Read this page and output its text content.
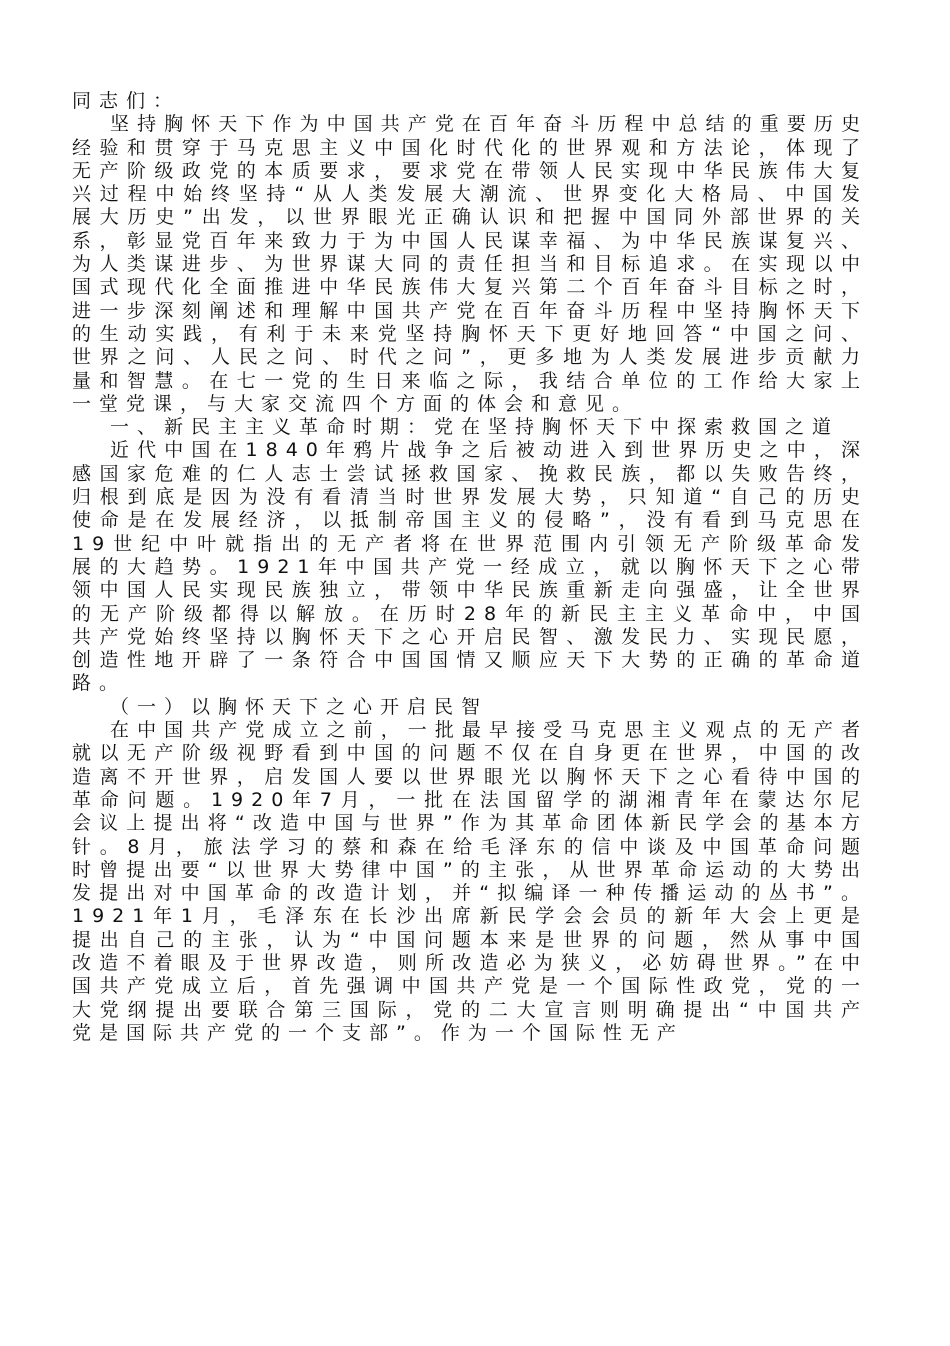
同志们：

坚持胸怀天下作为中国共产党在百年奋斗历程中总结的重要历史经验和贯穿于马克思主义中国化时代化的世界观和方法论，体现了无产阶级政党的本质要求，要求党在带领人民实现中华民族伟大复兴过程中始终坚持“从人类发展大潮流、世界变化大格局、中国发展大历史”出发，以世界眼光正确认识和把握中国同外部世界的关系，彰显党百年来致力于为中国人民谋幸福、为中华民族谋复兴、为人类谋进步、为世界谋大同的责任担当和目标追求。在实现以中国式现代化全面推进中华民族伟大复兴第二个百年奋斗目标之时，进一步深刻阐述和理解中国共产党在百年奋斗历程中坚持胸怀天下的生动实践，有利于未来党坚持胸怀天下更好地回答“中国之问、世界之问、人民之问、时代之问”，更多地为人类发展进步贡献力量和智慧。在七一党的生日来临之际，我结合单位的工作给大家上一堂党课，与大家交流四个方面的体会和意见。

一、新民主主义革命时期：党在坚持胸怀天下中探索救国之道

近代中国在1840年鸦片战争之后被动进入到世界历史之中，深感国家危难的仁人志士尝试拯救国家、挽救民族，都以失败告终，归根到底是因为没有看清当时世界发展大势，只知道“自己的历史使命是在发展经济，以抵制帝国主义的侵略”，没有看到马克思在19世纪中叶就指出的无产者将在世界范围内引领无产阶级革命发展的大趋势。1921年中国共产党一经成立，就以胸怀天下之心带领中国人民实现民族独立，带领中华民族重新走向强盛，让全世界的无产阶级都得以解放。在历时28年的新民主主义革命中，中国共产党始终坚持以胸怀天下之心开启民智、激发民力、实现民愿，创造性地开辟了一条符合中国国情又顺应天下大势的正确的革命道路。

（一）以胸怀天下之心开启民智

在中国共产党成立之前，一批最早接受马克思主义观点的无产者就以无产阶级视野看到中国的问题不仅在自身更在世界，中国的改造离不开世界，启发国人要以世界眼光以胸怀天下之心看待中国的革命问题。1920年7月，一批在法国留学的湖湘青年在蒙达尔尼会议上提出将“改造中国与世界”作为其革命团体新民学会的基本方针。8月，旅法学习的蔡和森在给毛泽东的信中谈及中国革命问题时曾提出要“以世界大势律中国”的主张，从世界革命运动的大势出发提出对中国革命的改造计划，并“拟编译一种传播运动的丛书”。1921年1月，毛泽东在长沙出席新民学会会员的新年大会上更是提出自己的主张，认为“中国问题本来是世界的问题，然从事中国改造不着眼及于世界改造，则所改造必为狭义，必妨碍世界。”在中国共产党成立后，首先强调中国共产党是一个国际性政党，党的一大党纲提出要联合第三国际，党的二大宣言则明确提出“中国共产党是国际共产党的一个支部”。作为一个国际性无产
